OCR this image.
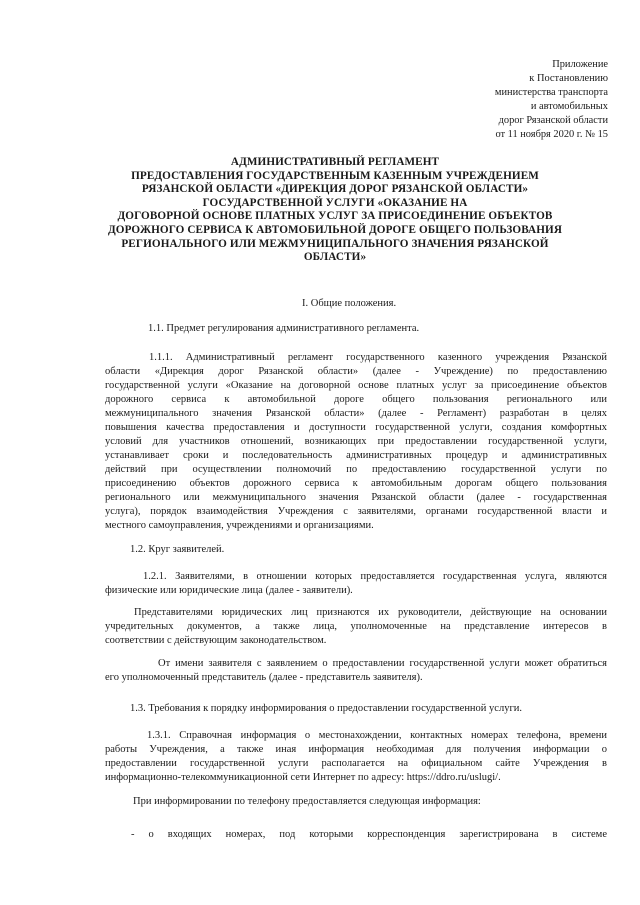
Приложение
к Постановлению
министерства транспорта
и автомобильных
дорог Рязанской области
от 11 ноября 2020 г. № 15
АДМИНИСТРАТИВНЫЙ РЕГЛАМЕНТ
ПРЕДОСТАВЛЕНИЯ ГОСУДАРСТВЕННЫМ КАЗЕННЫМ УЧРЕЖДЕНИЕМ
РЯЗАНСКОЙ ОБЛАСТИ «ДИРЕКЦИЯ ДОРОГ РЯЗАНСКОЙ ОБЛАСТИ»
ГОСУДАРСТВЕННОЙ УСЛУГИ «ОКАЗАНИЕ НА
ДОГОВОРНОЙ ОСНОВЕ ПЛАТНЫХ УСЛУГ ЗА ПРИСОЕДИНЕНИЕ ОБЪЕКТОВ
ДОРОЖНОГО СЕРВИСА К АВТОМОБИЛЬНОЙ ДОРОГЕ ОБЩЕГО ПОЛЬЗОВАНИЯ
РЕГИОНАЛЬНОГО ИЛИ МЕЖМУНИЦИПАЛЬНОГО ЗНАЧЕНИЯ РЯЗАНСКОЙ
ОБЛАСТИ»
I. Общие положения.
1.1. Предмет регулирования административного регламента.
1.1.1. Административный регламент государственного казенного учреждения Рязанской
области «Дирекция дорог Рязанской области» (далее - Учреждение) по предоставлению
государственной услуги «Оказание на договорной основе платных услуг за присоединение объектов
дорожного сервиса к автомобильной дороге общего пользования регионального или
межмуниципального значения Рязанской области» (далее - Регламент) разработан в целях
повышения качества предоставления и доступности государственной услуги, создания комфортных
условий для участников отношений, возникающих при предоставлении государственной услуги,
устанавливает сроки и последовательность административных процедур и административных
действий при осуществлении полномочий по предоставлению государственной услуги по
присоединению объектов дорожного сервиса к автомобильным дорогам общего пользования
регионального или межмуниципального значения Рязанской области (далее - государственная
услуга), порядок взаимодействия Учреждения с заявителями, органами государственной власти и
местного самоуправления, учреждениями и организациями.
1.2. Круг заявителей.
1.2.1. Заявителями, в отношении которых предоставляется государственная услуга, являются
физические или юридические лица (далее - заявители).
Представителями юридических лиц признаются их руководители, действующие на основании
учредительных документов, а также лица, уполномоченные на представление интересов в
соответствии с действующим законодательством.
От имени заявителя с заявлением о предоставлении государственной услуги может обратиться
его уполномоченный представитель (далее - представитель заявителя).
1.3. Требования к порядку информирования о предоставлении государственной услуги.
1.3.1. Справочная информация о местонахождении, контактных номерах телефона, времени
работы Учреждения, а также иная информация необходимая для получения информации о
предоставлении государственной услуги располагается на официальном сайте Учреждения в
информационно-телекоммуникационной сети Интернет по адресу: https://ddro.ru/uslugi/.
При информировании по телефону предоставляется следующая информация:
- о входящих номерах, под которыми корреспонденция зарегистрирована в системе
